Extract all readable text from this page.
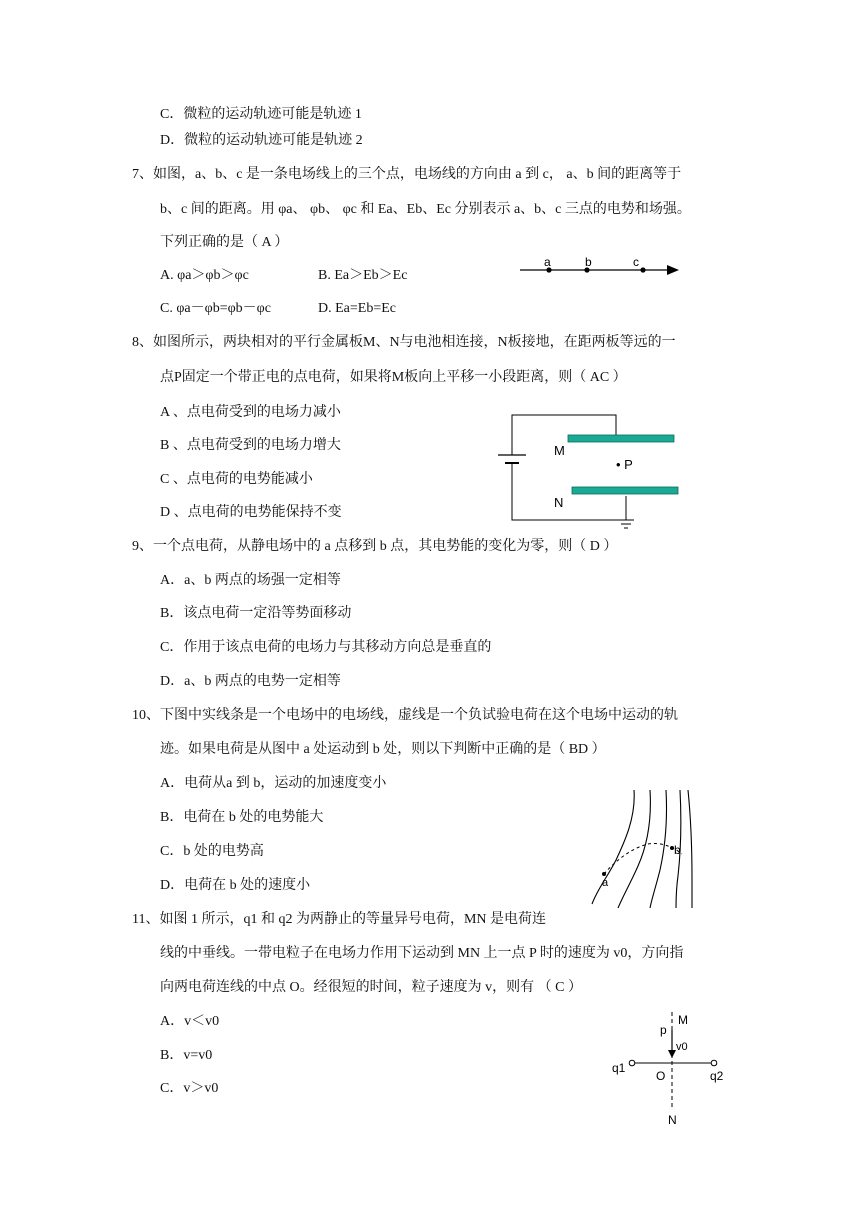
C．微粒的运动轨迹可能是轨迹 1
D．微粒的运动轨迹可能是轨迹 2
7、如图，a、b、c 是一条电场线上的三个点，电场线的方向由 a 到 c， a、b 间的距离等于
b、c 间的距离。用 φa、 φb、 φc 和 Ea、Eb、Ec 分别表示 a、b、c 三点的电势和场强。
下列正确的是（ A ）
A. φa＞φb＞φc	B. Ea＞Eb＞Ec
C. φa－φb=φb－φc	D. Ea=Eb=Ec
a	b	c
8、如图所示，两块相对的平行金属板M、N与电池相连接，N板接地，在距两板等远的一
点P固定一个带正电的点电荷，如果将M板向上平移一小段距离，则（ AC ）
A 、点电荷受到的电场力减小
B 、点电荷受到的电场力增大
C 、点电荷的电势能减小
D 、点电荷的电势能保持不变
M
N
• P
9、一个点电荷，从静电场中的 a 点移到 b 点，其电势能的变化为零，则（ D ）
A．a、b 两点的场强一定相等
B．该点电荷一定沿等势面移动
C．作用于该点电荷的电场力与其移动方向总是垂直的
D．a、b 两点的电势一定相等
10、下图中实线条是一个电场中的电场线，虚线是一个负试验电荷在这个电场中运动的轨
迹。如果电荷是从图中 a 处运动到 b 处，则以下判断中正确的是（ BD ）
A．电荷从a 到 b，运动的加速度变小
B．电荷在 b 处的电势能大
C．b 处的电势高
D．电荷在 b 处的速度小	a
b
11、如图 1 所示，q1 和 q2 为两静止的等量异号电荷，MN 是电荷连
线的中垂线。一带电粒子在电场力作用下运动到 MN 上一点 P 时的速度为 v0，方向指
向两电荷连线的中点 O。经很短的时间，粒子速度为 v，则有 （ C ）
A．v＜v0
B．v=v0
C．v＞v0
M
p
v0
q1
O	q2
N
